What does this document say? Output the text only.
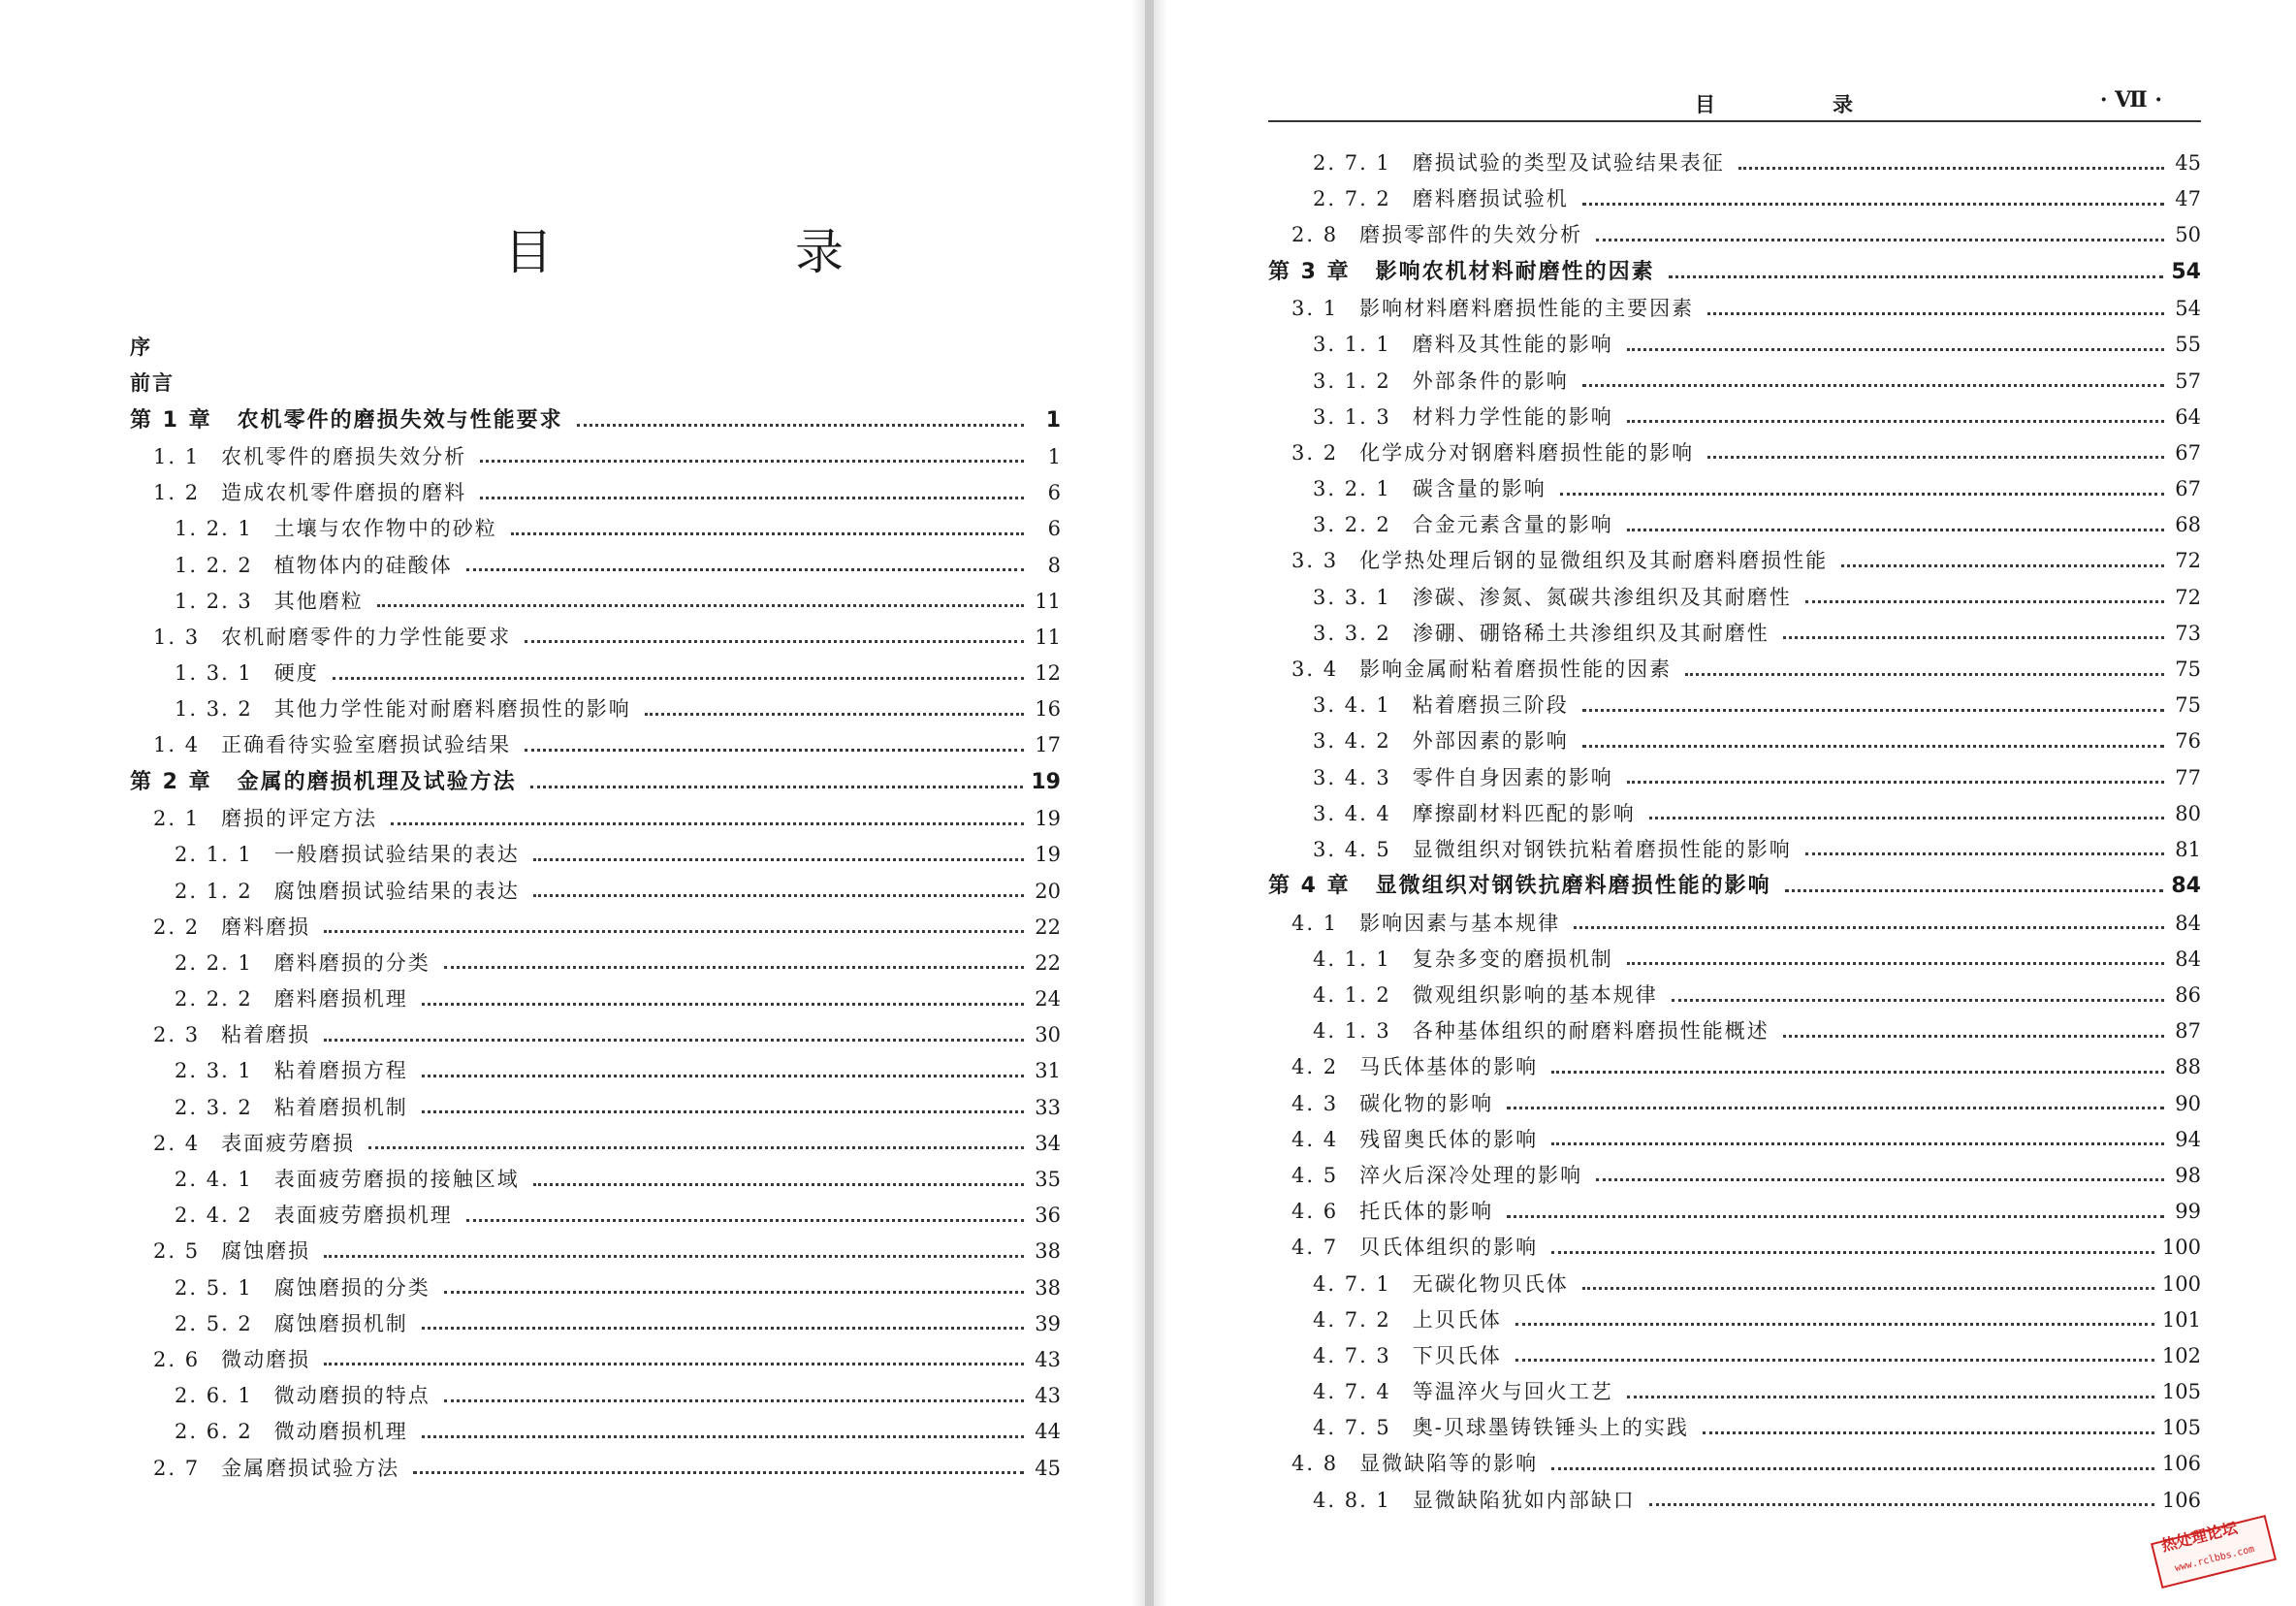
目　录
目　录	· Ⅶ ·
序
前言
第 1 章 农机零件的磨损失效与性能要求	1
1. 1 农机零件的磨损失效分析	1
1. 2 造成农机零件磨损的磨料	6
1. 2. 1 土壤与农作物中的砂粒	6
1. 2. 2 植物体内的硅酸体	8
1. 2. 3 其他磨粒	11
1. 3 农机耐磨零件的力学性能要求	11
1. 3. 1 硬度	12
1. 3. 2 其他力学性能对耐磨料磨损性的影响	16
1. 4 正确看待实验室磨损试验结果	17
第 2 章 金属的磨损机理及试验方法	19
2. 1 磨损的评定方法	19
2. 1. 1 一般磨损试验结果的表达	19
2. 1. 2 腐蚀磨损试验结果的表达	20
2. 2 磨料磨损	22
2. 2. 1 磨料磨损的分类	22
2. 2. 2 磨料磨损机理	24
2. 3 粘着磨损	30
2. 3. 1 粘着磨损方程	31
2. 3. 2 粘着磨损机制	33
2. 4 表面疲劳磨损	34
2. 4. 1 表面疲劳磨损的接触区域	35
2. 4. 2 表面疲劳磨损机理	36
2. 5 腐蚀磨损	38
2. 5. 1 腐蚀磨损的分类	38
2. 5. 2 腐蚀磨损机制	39
2. 6 微动磨损	43
2. 6. 1 微动磨损的特点	43
2. 6. 2 微动磨损机理	44
2. 7 金属磨损试验方法	45
2. 7. 1 磨损试验的类型及试验结果表征	45
2. 7. 2 磨料磨损试验机	47
2. 8 磨损零部件的失效分析	50
第 3 章 影响农机材料耐磨性的因素	54
3. 1 影响材料磨料磨损性能的主要因素	54
3. 1. 1 磨料及其性能的影响	55
3. 1. 2 外部条件的影响	57
3. 1. 3 材料力学性能的影响	64
3. 2 化学成分对钢磨料磨损性能的影响	67
3. 2. 1 碳含量的影响	67
3. 2. 2 合金元素含量的影响	68
3. 3 化学热处理后钢的显微组织及其耐磨料磨损性能	72
3. 3. 1 渗碳、渗氮、氮碳共渗组织及其耐磨性	72
3. 3. 2 渗硼、硼铬稀土共渗组织及其耐磨性	73
3. 4 影响金属耐粘着磨损性能的因素	75
3. 4. 1 粘着磨损三阶段	75
3. 4. 2 外部因素的影响	76
3. 4. 3 零件自身因素的影响	77
3. 4. 4 摩擦副材料匹配的影响	80
3. 4. 5 显微组织对钢铁抗粘着磨损性能的影响	81
第 4 章 显微组织对钢铁抗磨料磨损性能的影响	84
4. 1 影响因素与基本规律	84
4. 1. 1 复杂多变的磨损机制	84
4. 1. 2 微观组织影响的基本规律	86
4. 1. 3 各种基体组织的耐磨料磨损性能概述	87
4. 2 马氏体基体的影响	88
4. 3 碳化物的影响	90
4. 4 残留奥氏体的影响	94
4. 5 淬火后深冷处理的影响	98
4. 6 托氏体的影响	99
4. 7 贝氏体组织的影响	100
4. 7. 1 无碳化物贝氏体	100
4. 7. 2 上贝氏体	101
4. 7. 3 下贝氏体	102
4. 7. 4 等温淬火与回火工艺	105
4. 7. 5 奥-贝球墨铸铁锤头上的实践	105
4. 8 显微缺陷等的影响	106
4. 8. 1 显微缺陷犹如内部缺口	106
热处理论坛
www.rclbbs.com
